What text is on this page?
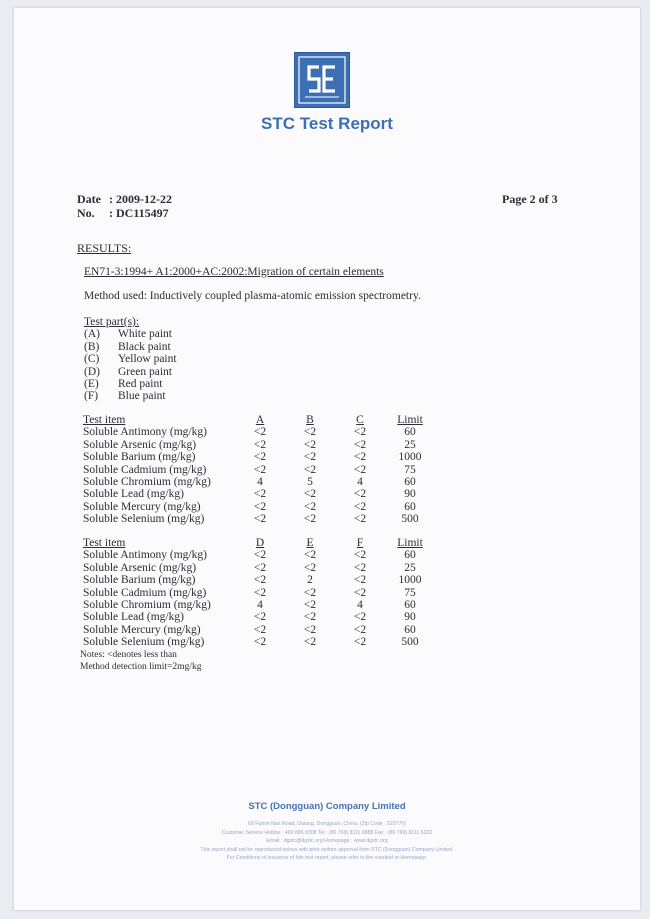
STC Test Report
Date : 2009-12-22
No.	: DC115497
Page 2 of 3
RESULTS:
EN71-3:1994+ A1:2000+AC:2002:Migration of certain elements
Method used: Inductively coupled plasma-atomic emission spectrometry.
Test part(s):
(A)	White paint
(B)	Black paint
(C)	Yellow paint
(D)	Green paint
(E)	Red paint
(F)	Blue paint
Test item	A	B	C	Limit
Soluble Antimony (mg/kg)	<2	<2	<2	60
Soluble Arsenic (mg/kg)	<2	<2	<2	25
Soluble Barium (mg/kg)	<2	<2	<2	1000
Soluble Cadmium (mg/kg)	<2	<2	<2	75
Soluble Chromium (mg/kg)	4	5	4	60
Soluble Lead (mg/kg)	<2	<2	<2	90
Soluble Mercury (mg/kg)	<2	<2	<2	60
Soluble Selenium (mg/kg)	<2	<2	<2	500
Test item	D	E	F	Limit
Soluble Antimony (mg/kg)	<2	<2	<2	60
Soluble Arsenic (mg/kg)	<2	<2	<2	25
Soluble Barium (mg/kg)	<2	2	<2	1000
Soluble Cadmium (mg/kg)	<2	<2	<2	75
Soluble Chromium (mg/kg)	4	<2	4	60
Soluble Lead (mg/kg)	<2	<2	<2	90
Soluble Mercury (mg/kg)	<2	<2	<2	60
Soluble Selenium (mg/kg)	<2	<2	<2	500
Notes: <denotes less than
Method detection limit=2mg/kg
STC (Dongguan) Company Limited
69 Fumin Nan Road, Dalang, Dongguan, China. (Zip Code : 523770)
Customer Service Hotline : 400 886 8308 Tel : (86 769) 8111 9888 Fax : (86 769) 8111 6222
Email : dgstc@dgstc.org Homepage : www.dgstc.org
This report shall not be reproduced unless with prior written approval from STC (Dongguan) Company Limited.
For Conditions of Issuance of this test report, please refer to the overleaf or Homepage.
